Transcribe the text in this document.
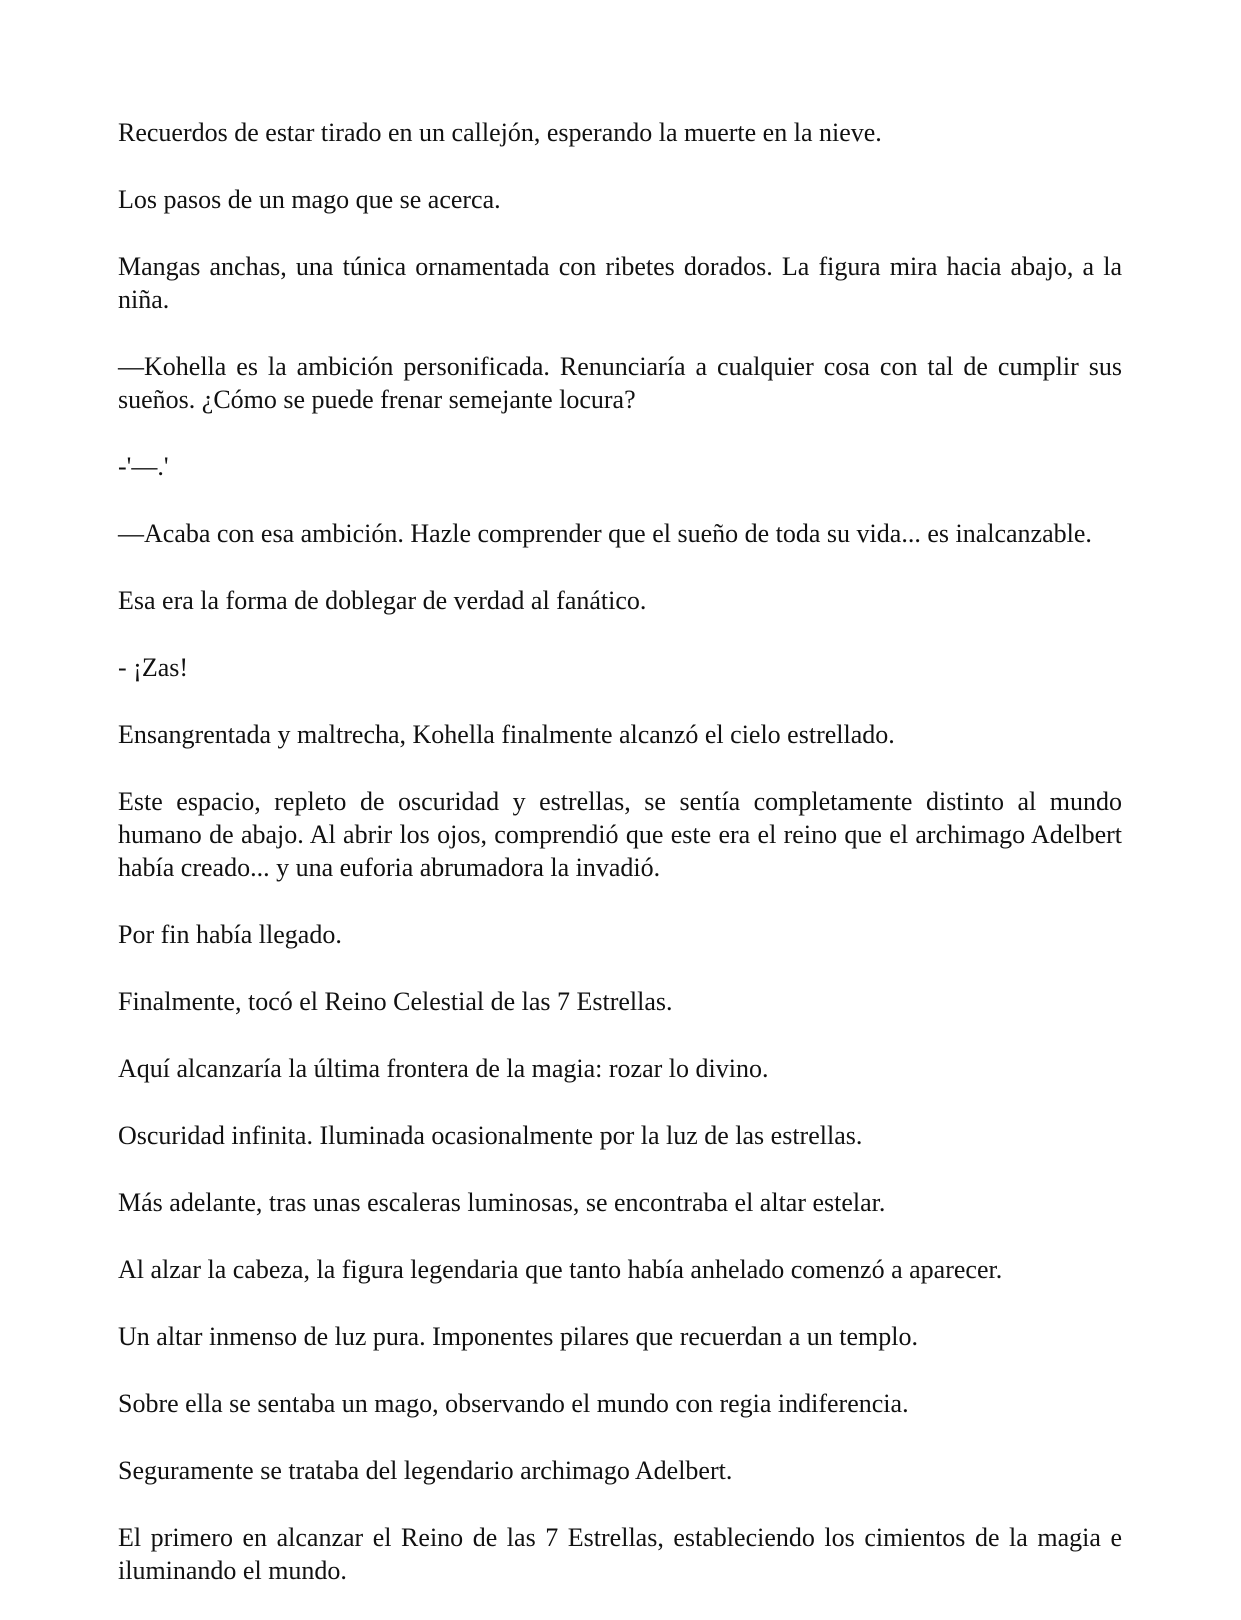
Recuerdos de estar tirado en un callejón, esperando la muerte en la nieve.

Los pasos de un mago que se acerca.

Mangas anchas, una túnica ornamentada con ribetes dorados. La figura mira hacia abajo, a la niña.

—Kohella es la ambición personificada. Renunciaría a cualquier cosa con tal de cumplir sus sueños. ¿Cómo se puede frenar semejante locura?

-'—.'

—Acaba con esa ambición. Hazle comprender que el sueño de toda su vida... es inalcanzable.

Esa era la forma de doblegar de verdad al fanático.

- ¡Zas!

Ensangrentada y maltrecha, Kohella finalmente alcanzó el cielo estrellado.

Este espacio, repleto de oscuridad y estrellas, se sentía completamente distinto al mundo humano de abajo. Al abrir los ojos, comprendió que este era el reino que el archimago Adelbert había creado... y una euforia abrumadora la invadió.

Por fin había llegado.

Finalmente, tocó el Reino Celestial de las 7 Estrellas.

Aquí alcanzaría la última frontera de la magia: rozar lo divino.

Oscuridad infinita. Iluminada ocasionalmente por la luz de las estrellas.

Más adelante, tras unas escaleras luminosas, se encontraba el altar estelar.

Al alzar la cabeza, la figura legendaria que tanto había anhelado comenzó a aparecer.

Un altar inmenso de luz pura. Imponentes pilares que recuerdan a un templo.

Sobre ella se sentaba un mago, observando el mundo con regia indiferencia.

Seguramente se trataba del legendario archimago Adelbert.

El primero en alcanzar el Reino de las 7 Estrellas, estableciendo los cimientos de la magia e iluminando el mundo.
